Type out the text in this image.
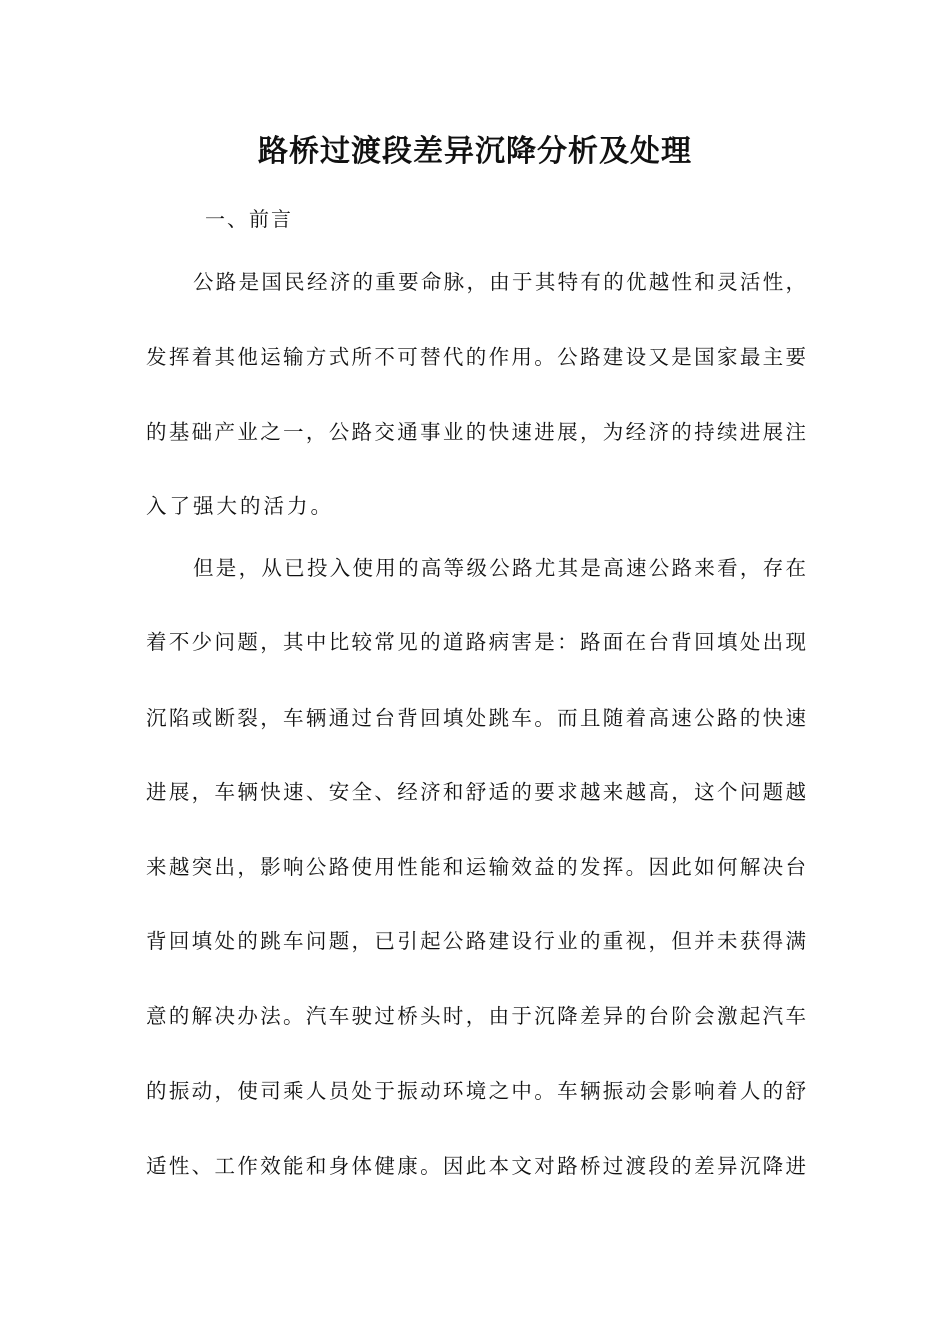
路桥过渡段差异沉降分析及处理

一、前言

公路是国民经济的重要命脉，由于其特有的优越性和灵活性，

发挥着其他运输方式所不可替代的作用。公路建设又是国家最主要

的基础产业之一，公路交通事业的快速进展，为经济的持续进展注

入了强大的活力。

但是，从已投入使用的高等级公路尤其是高速公路来看，存在

着不少问题，其中比较常见的道路病害是：路面在台背回填处出现

沉陷或断裂，车辆通过台背回填处跳车。而且随着高速公路的快速

进展，车辆快速、安全、经济和舒适的要求越来越高，这个问题越

来越突出，影响公路使用性能和运输效益的发挥。因此如何解决台

背回填处的跳车问题，已引起公路建设行业的重视，但并未获得满

意的解决办法。汽车驶过桥头时，由于沉降差异的台阶会激起汽车

的振动，使司乘人员处于振动环境之中。车辆振动会影响着人的舒

适性、工作效能和身体健康。因此本文对路桥过渡段的差异沉降进
